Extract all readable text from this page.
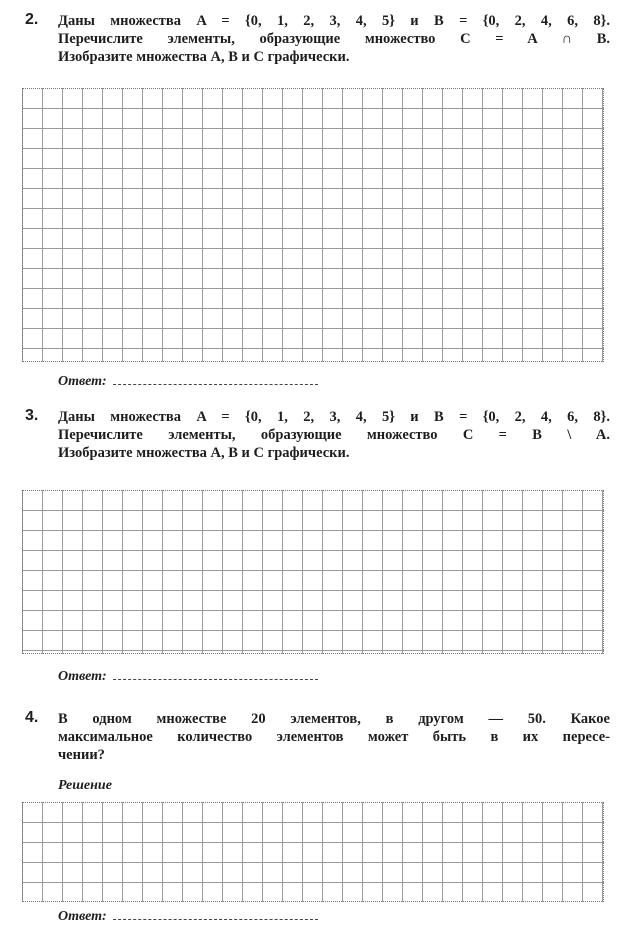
2. Даны множества A = {0, 1, 2, 3, 4, 5} и B = {0, 2, 4, 6, 8}.
Перечислите элементы, образующие множество C = A ∩ B.
Изобразите множества A, B и C графически.
Ответ:
3. Даны множества A = {0, 1, 2, 3, 4, 5} и B = {0, 2, 4, 6, 8}.
Перечислите элементы, образующие множество C = B \ A.
Изобразите множества A, B и C графически.
Ответ:
4. В одном множестве 20 элементов, в другом — 50. Какое
максимальное количество элементов может быть в их пересе-
чении?
Решение
Ответ:
